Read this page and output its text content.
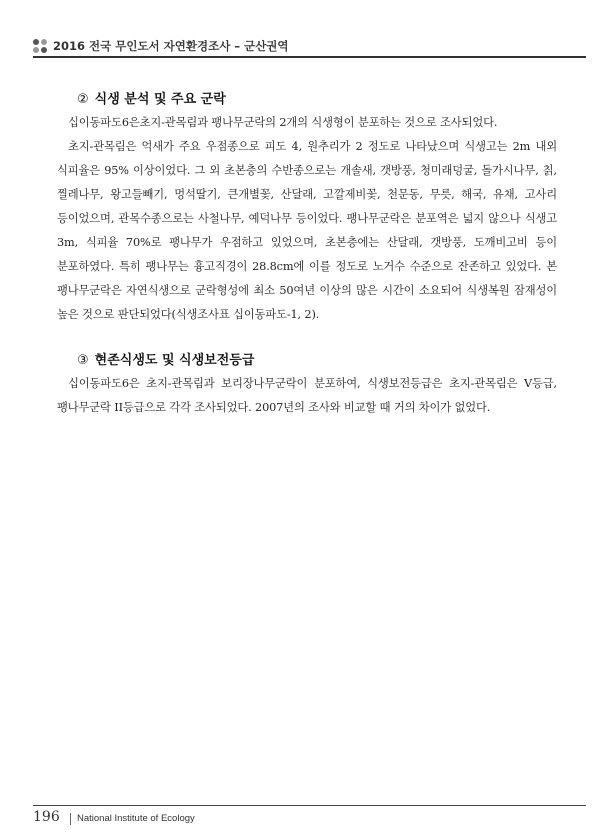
2016 전국 무인도서 자연환경조사 – 군산권역
② 식생 분석 및 주요 군락

십이동파도6은초지-관목림과 팽나무군락의 2개의 식생형이 분포하는 것으로 조사되었다.

초지-관목림은 억새가 주요 우점종으로 피도 4, 원추리가 2 정도로 나타났으며 식생고는 2m 내외 식피율은 95% 이상이었다. 그 외 초본층의 수반종으로는 개솔새, 갯방풍, 청미래덩굴, 돌가시나무, 칡, 찔레나무, 왕고들빼기, 멍석딸기, 큰개별꽃, 산달래, 고깔제비꽃, 천문동, 무릇, 해국, 유채, 고사리 등이었으며, 관목수종으로는 사철나무, 예덕나무 등이었다. 팽나무군락은 분포역은 넓지 않으나 식생고 3m, 식피율 70%로 팽나무가 우점하고 있었으며, 초본층에는 산달래, 갯방풍, 도깨비고비 등이 분포하였다. 특히 팽나무는 흉고직경이 28.8cm에 이를 정도로 노거수 수준으로 잔존하고 있었다. 본 팽나무군락은 자연식생으로 군락형성에 최소 50여년 이상의 많은 시간이 소요되어 식생복원 잠재성이 높은 것으로 판단되었다(식생조사표 십이동파도-1, 2).

③ 현존식생도 및 식생보전등급

십이동파도6은 초지-관목림과 보리장나무군락이 분포하여, 식생보전등급은 초지-관목림은 V등급, 팽나무군락 II등급으로 각각 조사되었다. 2007년의 조사와 비교할 때 거의 차이가 없었다.

196 National Institute of Ecology
